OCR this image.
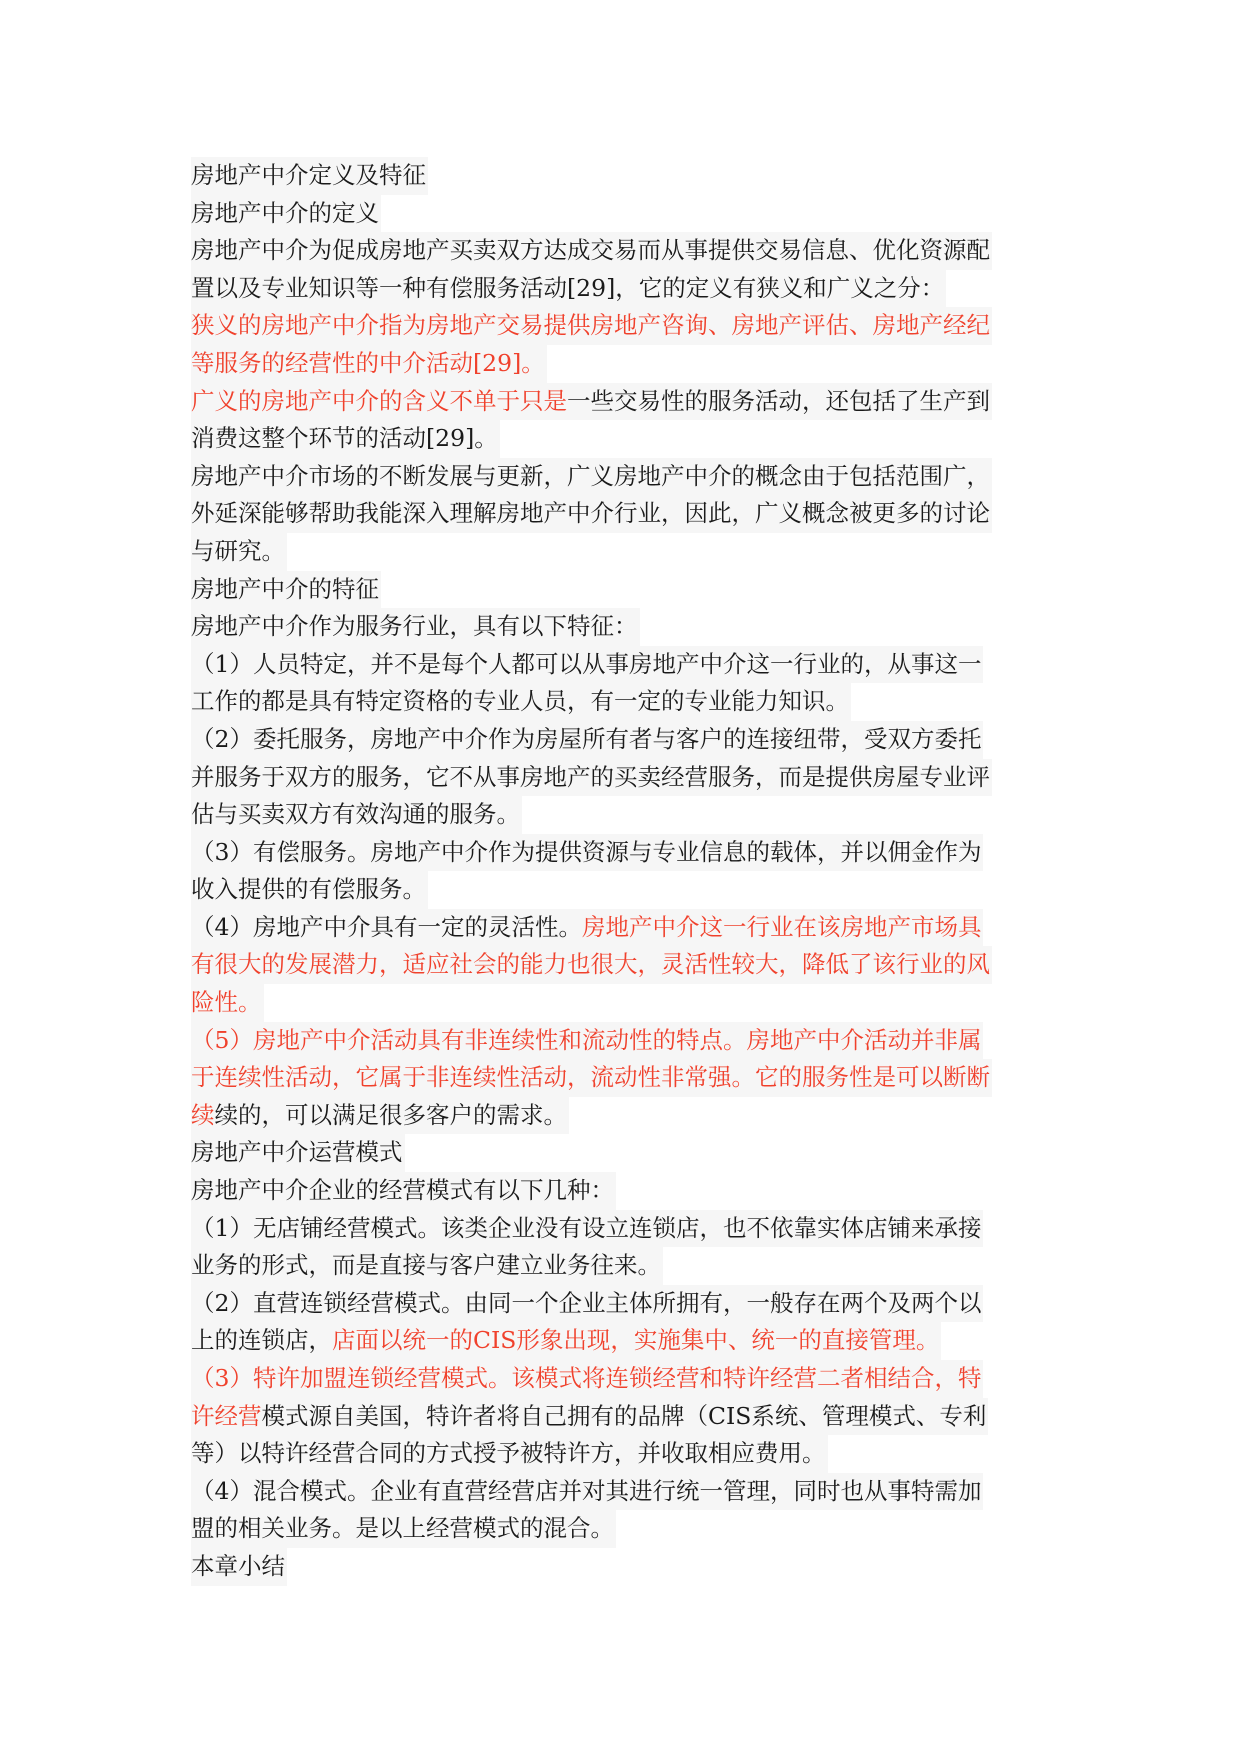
房地产中介定义及特征
房地产中介的定义
房地产中介为促成房地产买卖双方达成交易而从事提供交易信息、优化资源配
置以及专业知识等一种有偿服务活动[29]，它的定义有狭义和广义之分：
狭义的房地产中介指为房地产交易提供房地产咨询、房地产评估、房地产经纪
等服务的经营性的中介活动[29]。
广义的房地产中介的含义不单于只是一些交易性的服务活动，还包括了生产到
消费这整个环节的活动[29]。
房地产中介市场的不断发展与更新，广义房地产中介的概念由于包括范围广，
外延深能够帮助我能深入理解房地产中介行业，因此，广义概念被更多的讨论
与研究。
房地产中介的特征
房地产中介作为服务行业，具有以下特征：
（1）人员特定，并不是每个人都可以从事房地产中介这一行业的，从事这一
工作的都是具有特定资格的专业人员，有一定的专业能力知识。
（2）委托服务，房地产中介作为房屋所有者与客户的连接纽带，受双方委托
并服务于双方的服务，它不从事房地产的买卖经营服务，而是提供房屋专业评
估与买卖双方有效沟通的服务。
（3）有偿服务。房地产中介作为提供资源与专业信息的载体，并以佣金作为
收入提供的有偿服务。
（4）房地产中介具有一定的灵活性。房地产中介这一行业在该房地产市场具
有很大的发展潜力，适应社会的能力也很大，灵活性较大，降低了该行业的风
险性。
（5）房地产中介活动具有非连续性和流动性的特点。房地产中介活动并非属
于连续性活动，它属于非连续性活动，流动性非常强。它的服务性是可以断断
续续的，可以满足很多客户的需求。
房地产中介运营模式
房地产中介企业的经营模式有以下几种：
（1）无店铺经营模式。该类企业没有设立连锁店，也不依靠实体店铺来承接
业务的形式，而是直接与客户建立业务往来。
（2）直营连锁经营模式。由同一个企业主体所拥有，一般存在两个及两个以
上的连锁店，店面以统一的CIS形象出现，实施集中、统一的直接管理。
（3）特许加盟连锁经营模式。该模式将连锁经营和特许经营二者相结合，特
许经营模式源自美国，特许者将自己拥有的品牌（CIS系统、管理模式、专利
等）以特许经营合同的方式授予被特许方，并收取相应费用。
（4）混合模式。企业有直营经营店并对其进行统一管理，同时也从事特需加
盟的相关业务。是以上经营模式的混合。
本章小结
